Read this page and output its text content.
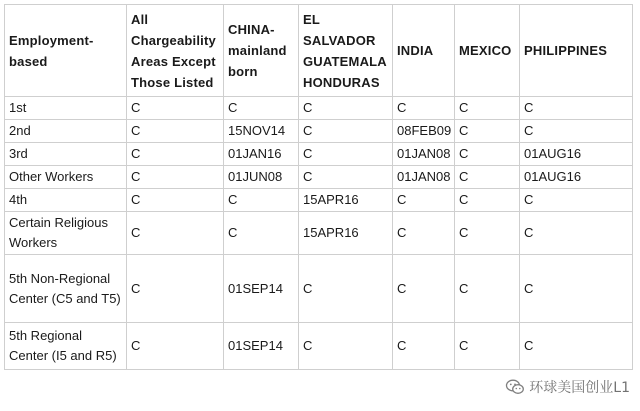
Employment-based	All Chargeability Areas Except Those Listed	CHINA-mainland born	EL SALVADOR GUATEMALA HONDURAS	INDIA	MEXICO	PHILIPPINES
1st	C	C	C	C	C	C
2nd	C	15NOV14	C	08FEB09	C	C
3rd	C	01JAN16	C	01JAN08	C	01AUG16
Other Workers	C	01JUN08	C	01JAN08	C	01AUG16
4th	C	C	15APR16	C	C	C
Certain Religious Workers	C	C	15APR16	C	C	C
5th Non-Regional Center (C5 and T5)	C	01SEP14	C	C	C	C
5th Regional Center (I5 and R5)	C	01SEP14	C	C	C	C
环球美国创业L1
